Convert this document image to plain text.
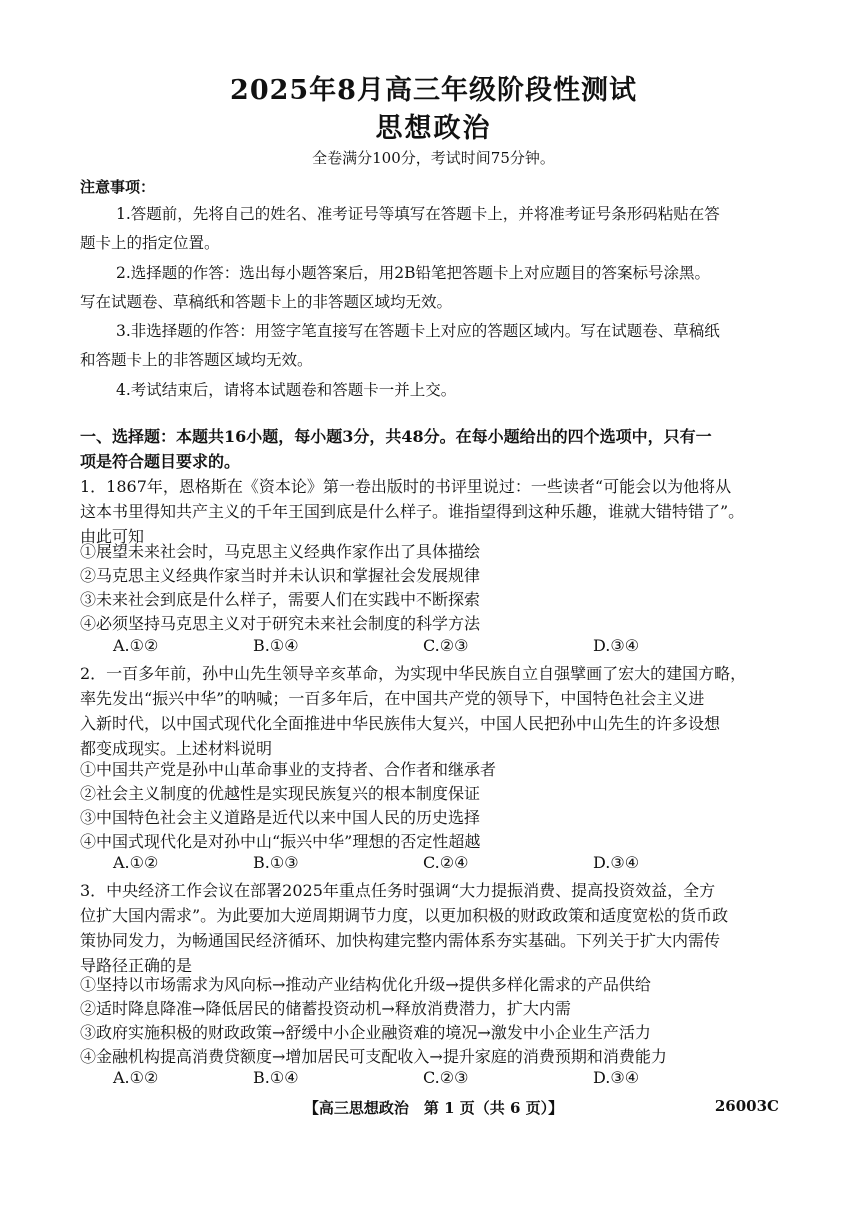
2025年8月高三年级阶段性测试
思想政治
全卷满分100分，考试时间75分钟。
注意事项：
1.答题前，先将自己的姓名、准考证号等填写在答题卡上，并将准考证号条形码粘贴在答
题卡上的指定位置。
2.选择题的作答：选出每小题答案后，用2B铅笔把答题卡上对应题目的答案标号涂黑。
写在试题卷、草稿纸和答题卡上的非答题区域均无效。
3.非选择题的作答：用签字笔直接写在答题卡上对应的答题区域内。写在试题卷、草稿纸
和答题卡上的非答题区域均无效。
4.考试结束后，请将本试题卷和答题卡一并上交。
一、选择题：本题共16小题，每小题3分，共48分。在每小题给出的四个选项中，只有一
项是符合题目要求的。
1．1867年，恩格斯在《资本论》第一卷出版时的书评里说过：一些读者“可能会以为他将从
这本书里得知共产主义的千年王国到底是什么样子。谁指望得到这种乐趣，谁就大错特错了”。
由此可知
①展望未来社会时，马克思主义经典作家作出了具体描绘
②马克思主义经典作家当时并未认识和掌握社会发展规律
③未来社会到底是什么样子，需要人们在实践中不断探索
④必须坚持马克思主义对于研究未来社会制度的科学方法
A.①②	B.①④	C.②③	D.③④
2．一百多年前，孙中山先生领导辛亥革命，为实现中华民族自立自强擘画了宏大的建国方略，
率先发出“振兴中华”的呐喊；一百多年后，在中国共产党的领导下，中国特色社会主义进
入新时代，以中国式现代化全面推进中华民族伟大复兴，中国人民把孙中山先生的许多设想
都变成现实。上述材料说明
①中国共产党是孙中山革命事业的支持者、合作者和继承者
②社会主义制度的优越性是实现民族复兴的根本制度保证
③中国特色社会主义道路是近代以来中国人民的历史选择
④中国式现代化是对孙中山“振兴中华”理想的否定性超越
A.①②	B.①③	C.②④	D.③④
3．中央经济工作会议在部署2025年重点任务时强调“大力提振消费、提高投资效益，全方
位扩大国内需求”。为此要加大逆周期调节力度，以更加积极的财政政策和适度宽松的货币政
策协同发力，为畅通国民经济循环、加快构建完整内需体系夯实基础。下列关于扩大内需传
导路径正确的是
①坚持以市场需求为风向标→推动产业结构优化升级→提供多样化需求的产品供给
②适时降息降准→降低居民的储蓄投资动机→释放消费潜力，扩大内需
③政府实施积极的财政政策→舒缓中小企业融资难的境况→激发中小企业生产活力
④金融机构提高消费贷额度→增加居民可支配收入→提升家庭的消费预期和消费能力
A.①②	B.①④	C.②③	D.③④
【高三思想政治　第 1 页（共 6 页）】	26003C
